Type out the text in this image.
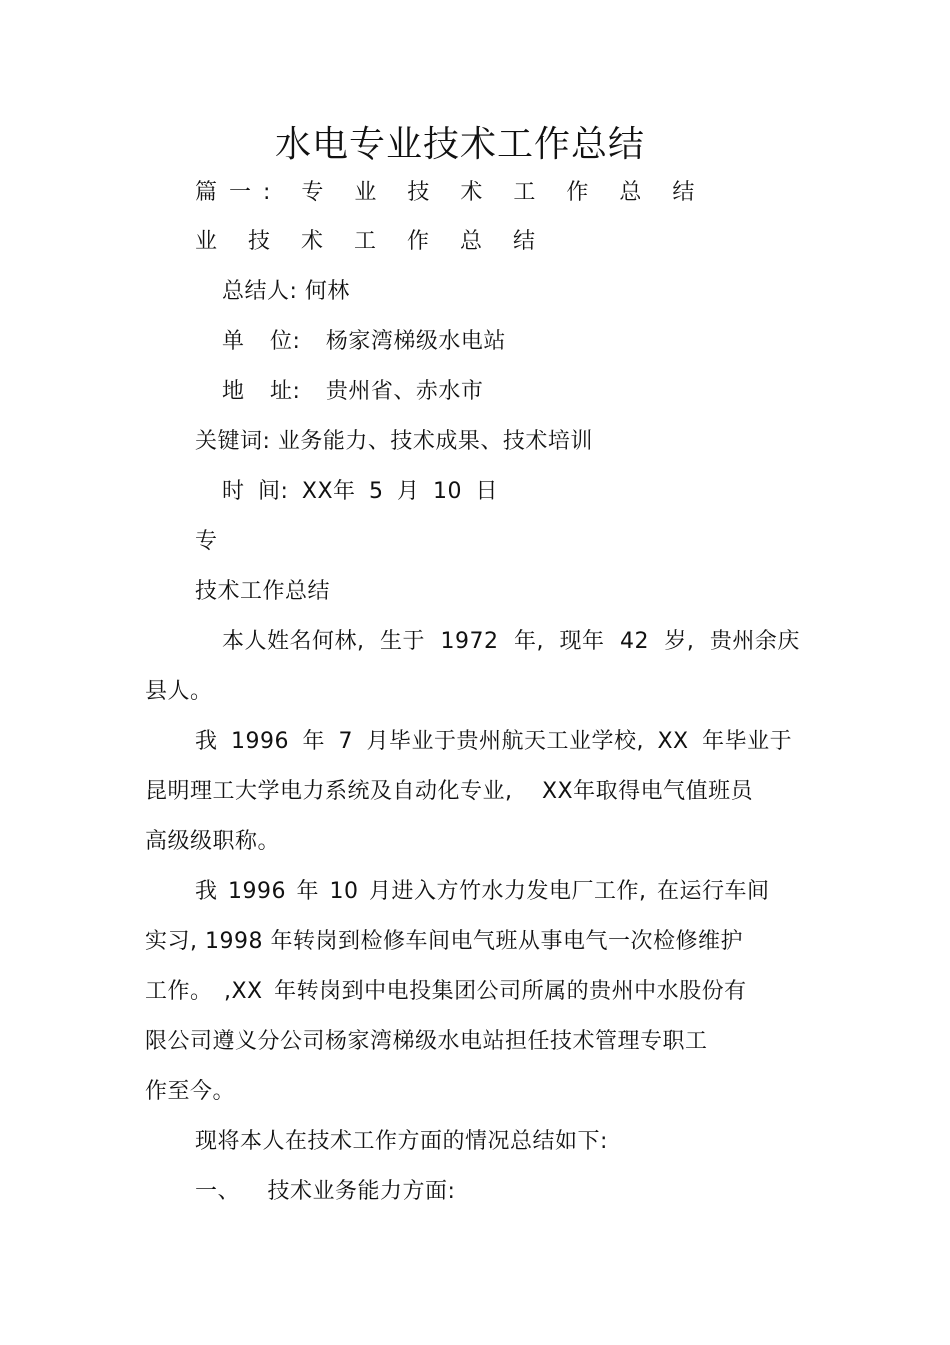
水电专业技术工作总结

篇一: 专 业 技 术 工 作 总 结

业 技 术 工 作 总 结

总结人: 何林

单 位: 杨家湾梯级水电站

地 址: 贵州省、赤水市

关键词: 业务能力、技术成果、技术培训

时 间: XX年 5 月 10 日

专

技术工作总结

本人姓名何林, 生于 1972 年, 现年 42 岁, 贵州余庆

县人。

我 1996 年 7 月毕业于贵州航天工业学校, XX 年毕业于

昆明理工大学电力系统及自动化专业, XX年取得电气值班员

高级级职称。

我 1996 年 10 月进入方竹水力发电厂工作, 在运行车间

实习, 1998 年转岗到检修车间电气班从事电气一次检修维护

工作。 ,XX 年转岗到中电投集团公司所属的贵州中水股份有

限公司遵义分公司杨家湾梯级水电站担任技术管理专职工

作至今。

现将本人在技术工作方面的情况总结如下:

一、 技术业务能力方面:
